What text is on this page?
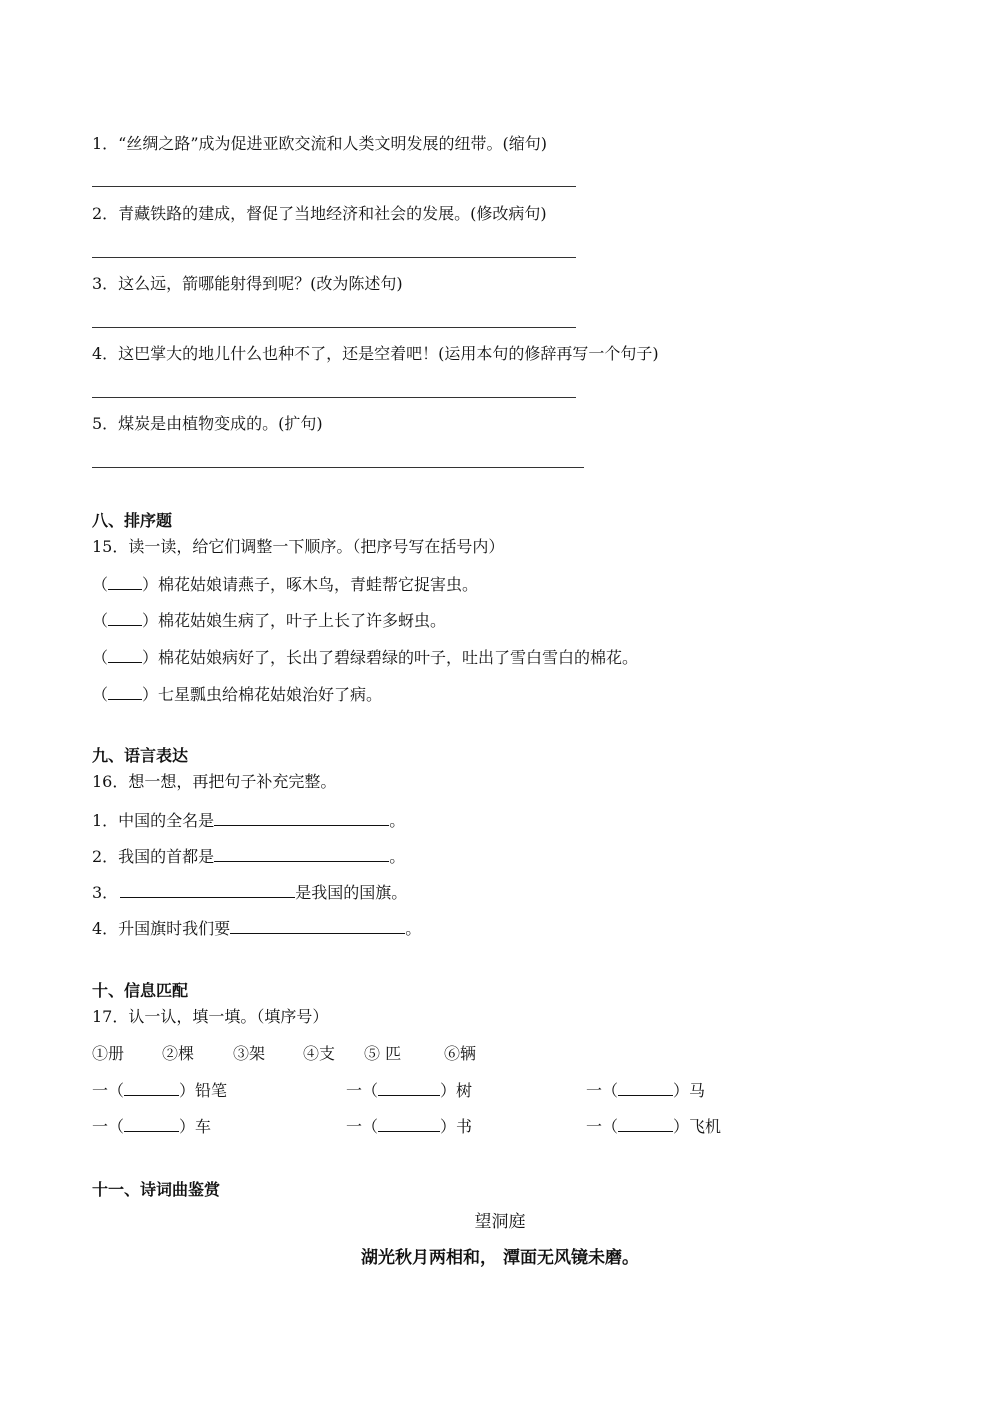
1．“丝绸之路”成为促进亚欧交流和人类文明发展的纽带。(缩句)
2．青藏铁路的建成，督促了当地经济和社会的发展。(修改病句)
3．这么远，箭哪能射得到呢？(改为陈述句)
4．这巴掌大的地儿什么也种不了，还是空着吧！(运用本句的修辞再写一个句子)
5．煤炭是由植物变成的。(扩句)
八、排序题
15．读一读，给它们调整一下顺序。（把序号写在括号内）
（ ）棉花姑娘请燕子，啄木鸟，青蛙帮它捉害虫。
（ ）棉花姑娘生病了，叶子上长了许多蚜虫。
（ ）棉花姑娘病好了，长出了碧绿碧绿的叶子，吐出了雪白雪白的棉花。
（ ）七星瓢虫给棉花姑娘治好了病。
九、语言表达
16．想一想，再把句子补充完整。
1．中国的全名是	。
2．我国的首都是	。
3．	是我国的国旗。
4．升国旗时我们要	。
十、信息匹配
17．认一认，填一填。（填序号）
①册 ②棵 ③架 ④支 ⑤ 匹	⑥辆
一（	）铅笔	一（	）树	一（	）马
一（	）车	一（	）书	一（	）飞机
十一、诗词曲鉴赏
望洞庭
湖光秋月两相和， 潭面无风镜未磨。
